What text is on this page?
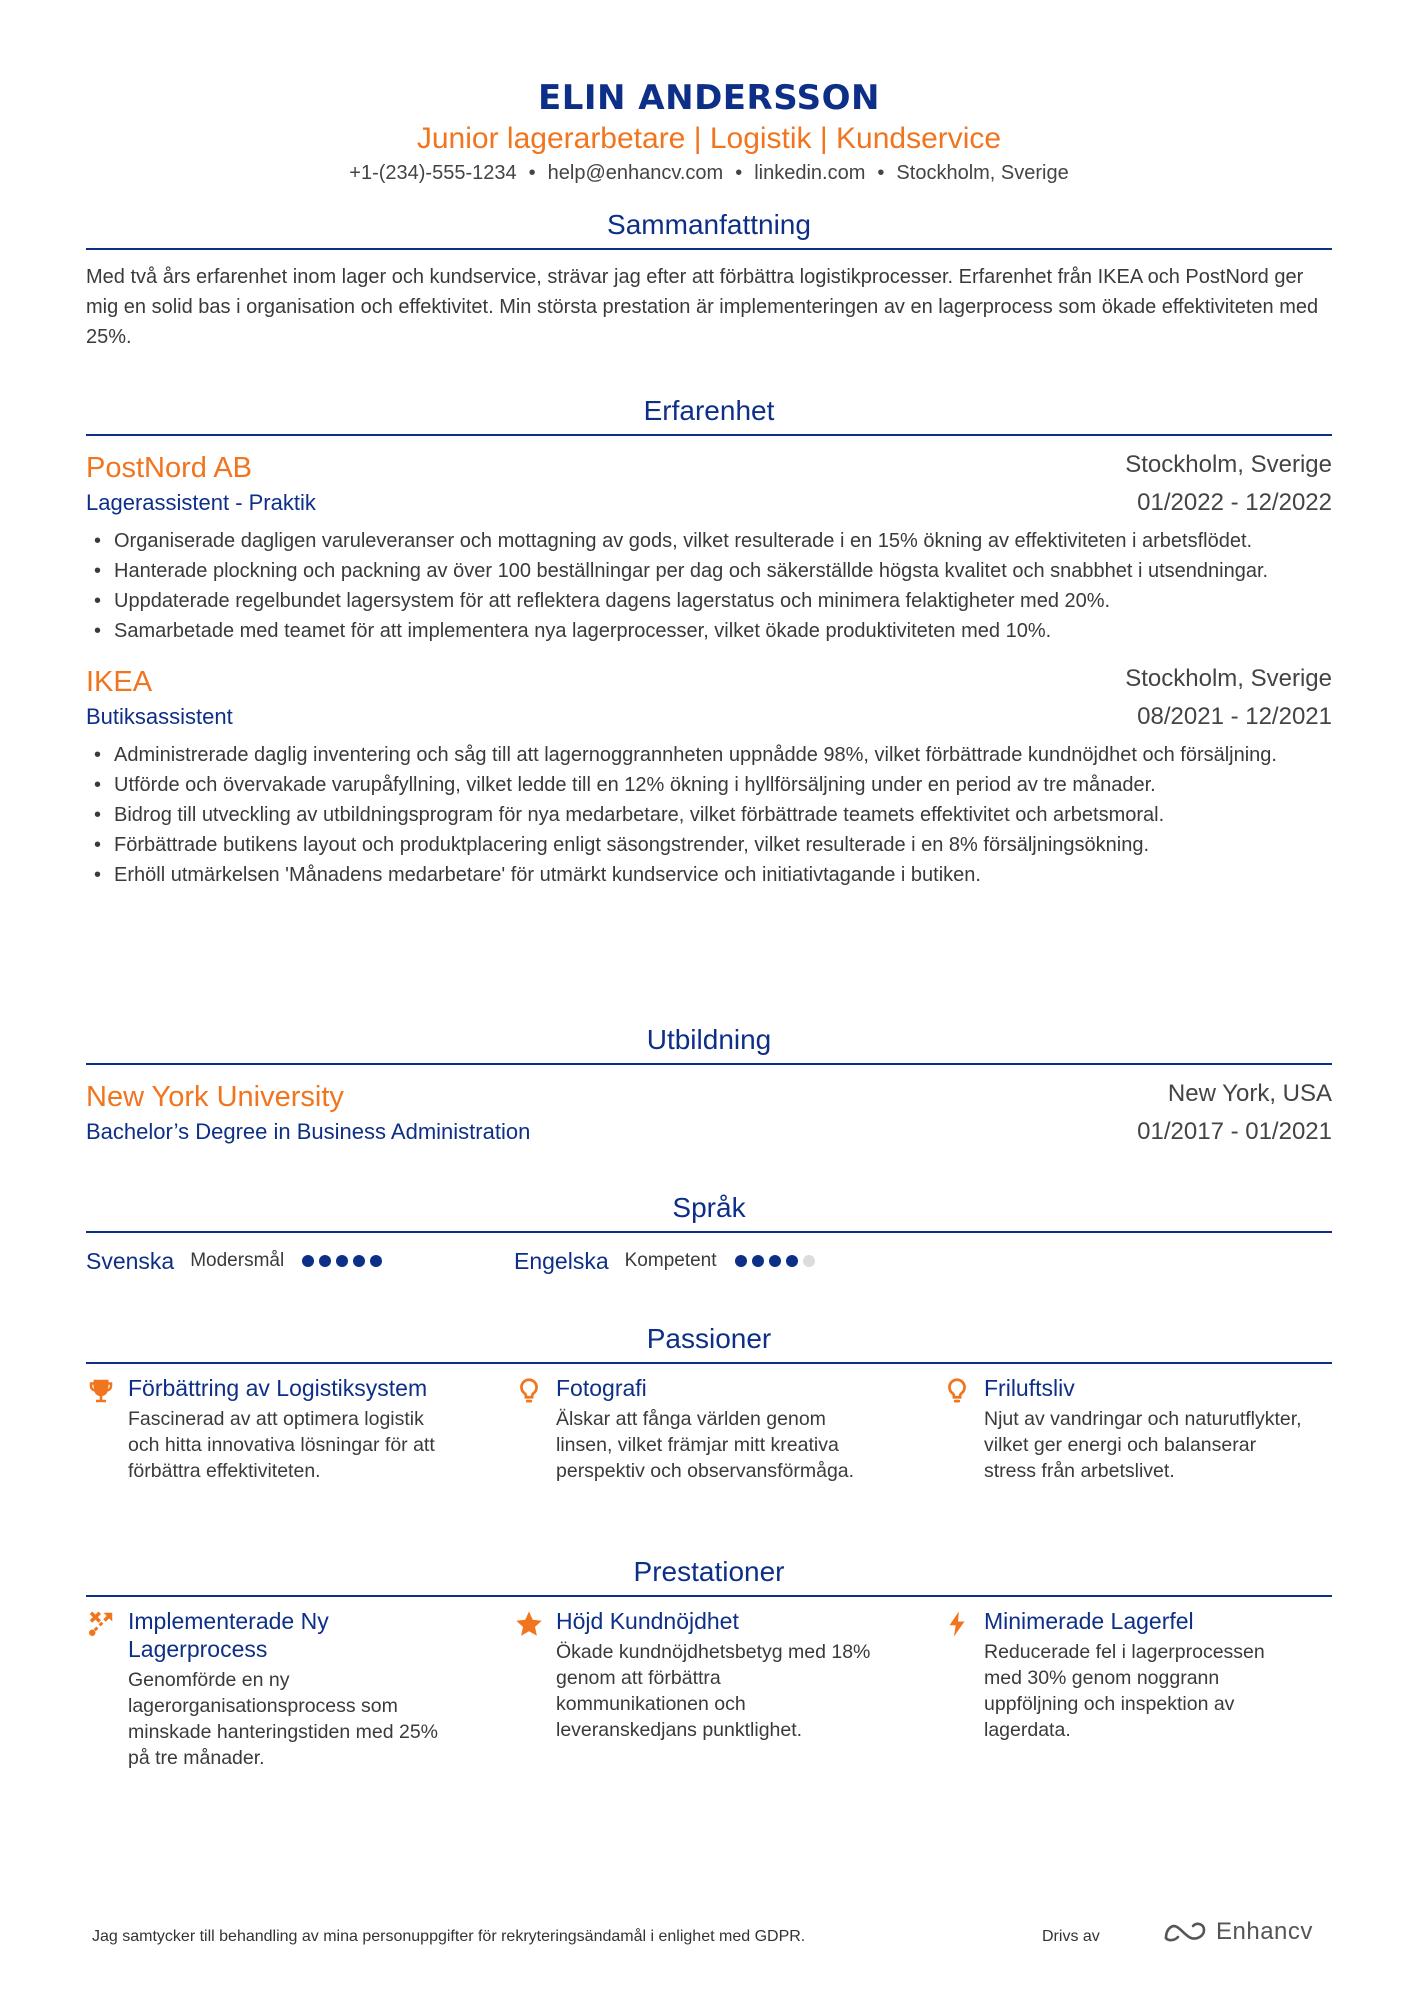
ELIN ANDERSSON
Junior lagerarbetare | Logistik | Kundservice
+1-(234)-555-1234 • help@enhancv.com • linkedin.com • Stockholm, Sverige
Sammanfattning
Med två års erfarenhet inom lager och kundservice, strävar jag efter att förbättra logistikprocesser. Erfarenhet från IKEA och PostNord ger mig en solid bas i organisation och effektivitet. Min största prestation är implementeringen av en lagerprocess som ökade effektiviteten med 25%.
Erfarenhet
PostNord AB
Lagerassistent - Praktik
Stockholm, Sverige
01/2022 - 12/2022
• Organiserade dagligen varuleveranser och mottagning av gods, vilket resulterade i en 15% ökning av effektiviteten i arbetsflödet.
• Hanterade plockning och packning av över 100 beställningar per dag och säkerställde högsta kvalitet och snabbhet i utsendningar.
• Uppdaterade regelbundet lagersystem för att reflektera dagens lagerstatus och minimera felaktigheter med 20%.
• Samarbetade med teamet för att implementera nya lagerprocesser, vilket ökade produktiviteten med 10%.
IKEA
Butiksassistent
Stockholm, Sverige
08/2021 - 12/2021
• Administrerade daglig inventering och såg till att lagernoggrannheten uppnådde 98%, vilket förbättrade kundnöjdhet och försäljning.
• Utförde och övervakade varupåfyllning, vilket ledde till en 12% ökning i hyllförsäljning under en period av tre månader.
• Bidrog till utveckling av utbildningsprogram för nya medarbetare, vilket förbättrade teamets effektivitet och arbetsmoral.
• Förbättrade butikens layout och produktplacering enligt säsongstrender, vilket resulterade i en 8% försäljningsökning.
• Erhöll utmärkelsen 'Månadens medarbetare' för utmärkt kundservice och initiativtagande i butiken.
Utbildning
New York University
Bachelor’s Degree in Business Administration
New York, USA
01/2017 - 01/2021
Språk
Svenska Modersmål	Engelska Kompetent
Passioner
Förbättring av Logistiksystem
Fascinerad av att optimera logistik och hitta innovativa lösningar för att förbättra effektiviteten.
Fotografi
Älskar att fånga världen genom linsen, vilket främjar mitt kreativa perspektiv och observansförmåga.
Friluftsliv
Njut av vandringar och naturutflykter, vilket ger energi och balanserar stress från arbetslivet.
Prestationer
Implementerade Ny Lagerprocess
Genomförde en ny lagerorganisationsprocess som minskade hanteringstiden med 25% på tre månader.
Höjd Kundnöjdhet
Ökade kundnöjdhetsbetyg med 18% genom att förbättra kommunikationen och leveranskedjans punktlighet.
Minimerade Lagerfel
Reducerade fel i lagerprocessen med 30% genom noggrann uppföljning och inspektion av lagerdata.
Jag samtycker till behandling av mina personuppgifter för rekryteringsändamål i enlighet med GDPR.	Drivs av	Enhancv
